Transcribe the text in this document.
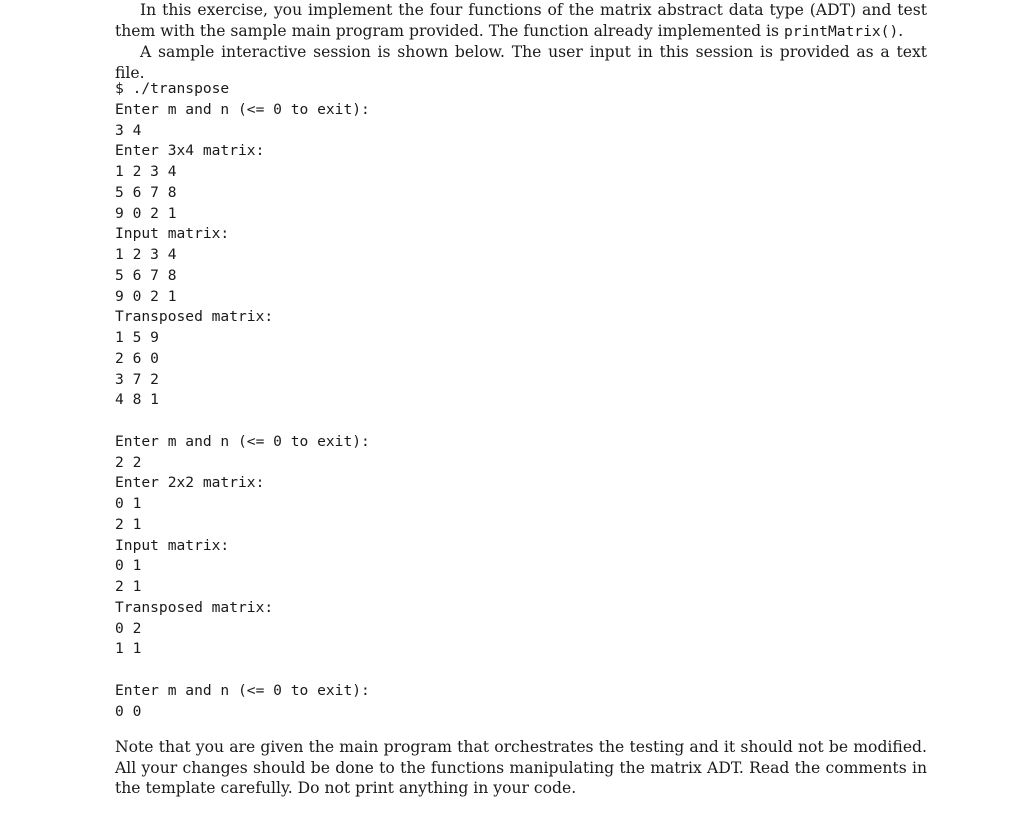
In this exercise, you implement the four functions of the matrix abstract data type (ADT) and test them with the sample main program provided. The function already implemented is printMatrix().

A sample interactive session is shown below. The user input in this session is provided as a text file.

$ ./transpose
Enter m and n (<= 0 to exit):
3 4
Enter 3x4 matrix:
1 2 3 4
5 6 7 8
9 0 2 1
Input matrix:
1 2 3 4
5 6 7 8
9 0 2 1
Transposed matrix:
1 5 9
2 6 0
3 7 2
4 8 1
Enter m and n (<= 0 to exit):
2 2
Enter 2x2 matrix:
0 1
2 1
Input matrix:
0 1
2 1
Transposed matrix:
0 2
1 1
Enter m and n (<= 0 to exit):
0 0

Note that you are given the main program that orchestrates the testing and it should not be modified. All your changes should be done to the functions manipulating the matrix ADT. Read the comments in the template carefully. Do not print anything in your code.
